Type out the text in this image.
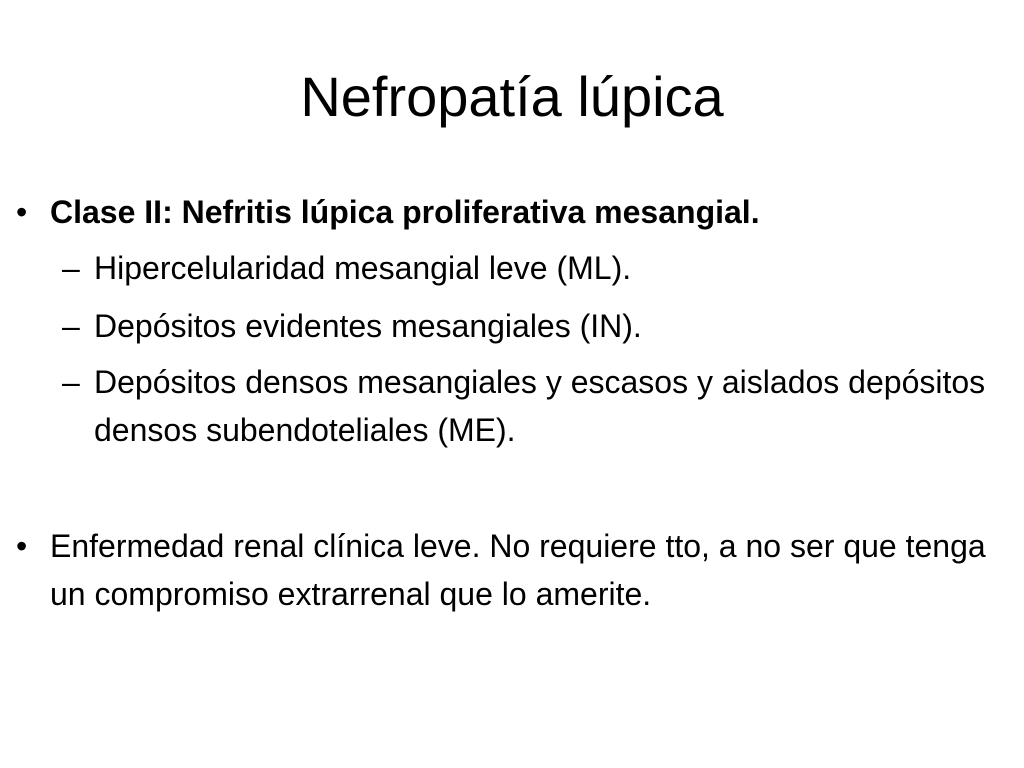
Nefropatía lúpica
• Clase II: Nefritis lúpica proliferativa mesangial.
– Hipercelularidad mesangial leve (ML).
– Depósitos evidentes mesangiales (IN).
– Depósitos densos mesangiales y escasos y aislados depósitos densos subendoteliales (ME).
• Enfermedad renal clínica leve. No requiere tto, a no ser que tenga un compromiso extrarrenal que lo amerite.
